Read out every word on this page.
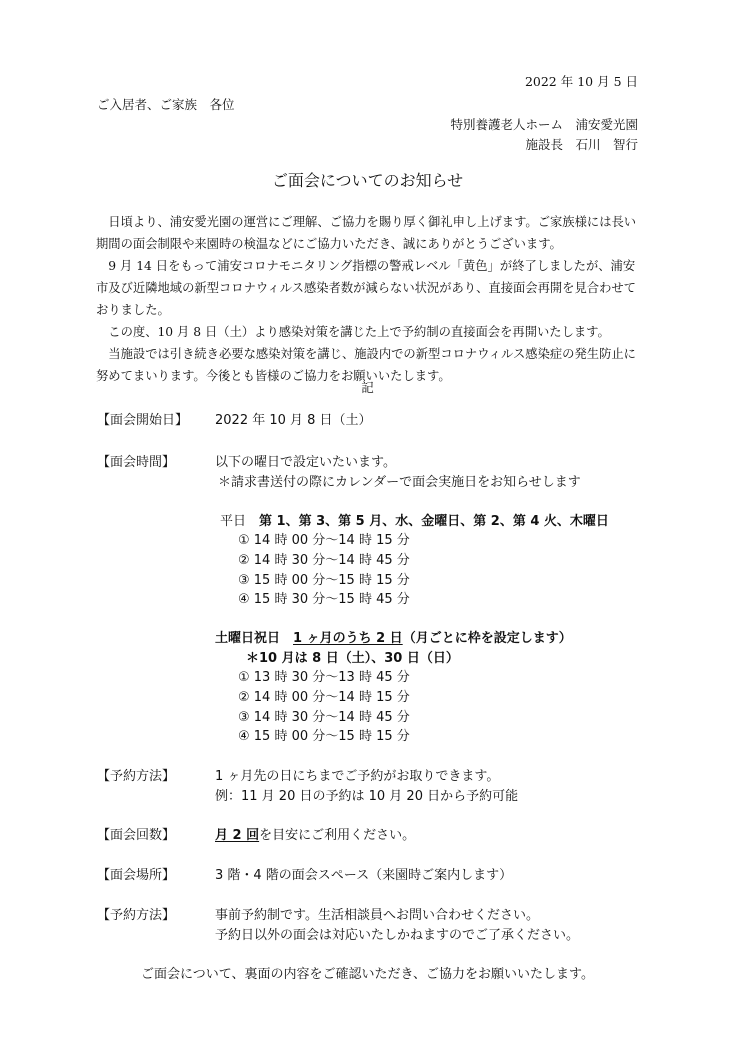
2022 年 10 月 5 日
ご入居者、ご家族　各位
特別養護老人ホーム　浦安愛光園
施設長　石川　智行
ご面会についてのお知らせ
　日頃より、浦安愛光園の運営にご理解、ご協力を賜り厚く御礼申し上げます。ご家族様には長い期間の面会制限や来園時の検温などにご協力いただき、誠にありがとうございます。
　9 月 14 日をもって浦安コロナモニタリング指標の警戒レベル「黄色」が終了しましたが、浦安市及び近隣地域の新型コロナウィルス感染者数が減らない状況があり、直接面会再開を見合わせておりました。
　この度、10 月 8 日（土）より感染対策を講じた上で予約制の直接面会を再開いたします。
　当施設では引き続き必要な感染対策を講じ、施設内での新型コロナウィルス感染症の発生防止に努めてまいります。今後とも皆様のご協力をお願いいたします。
記
【面会開始日】 2022 年 10 月 8 日（土）
【面会時間】	以下の曜日で設定いたいます。
＊請求書送付の際にカレンダーで面会実施日をお知らせします
平日　第 1、第 3、第 5 月、水、金曜日、第 2、第 4 火、木曜日
① 14 時 00 分～14 時 15 分
② 14 時 30 分～14 時 45 分
③ 15 時 00 分～15 時 15 分
④ 15 時 30 分～15 時 45 分
土曜日祝日　1 ヶ月のうち 2 日（月ごとに枠を設定します）
＊10 月は 8 日（土）、30 日（日）
① 13 時 30 分～13 時 45 分
② 14 時 00 分～14 時 15 分
③ 14 時 30 分～14 時 45 分
④ 15 時 00 分～15 時 15 分
【予約方法】	1 ヶ月先の日にちまでご予約がお取りできます。
例：11 月 20 日の予約は 10 月 20 日から予約可能
【面会回数】	月 2 回を目安にご利用ください。
【面会場所】	3 階・4 階の面会スペース（来園時ご案内します）
【予約方法】	事前予約制です。生活相談員へお問い合わせください。
予約日以外の面会は対応いたしかねますのでご了承ください。
ご面会について、裏面の内容をご確認いただき、ご協力をお願いいたします。
